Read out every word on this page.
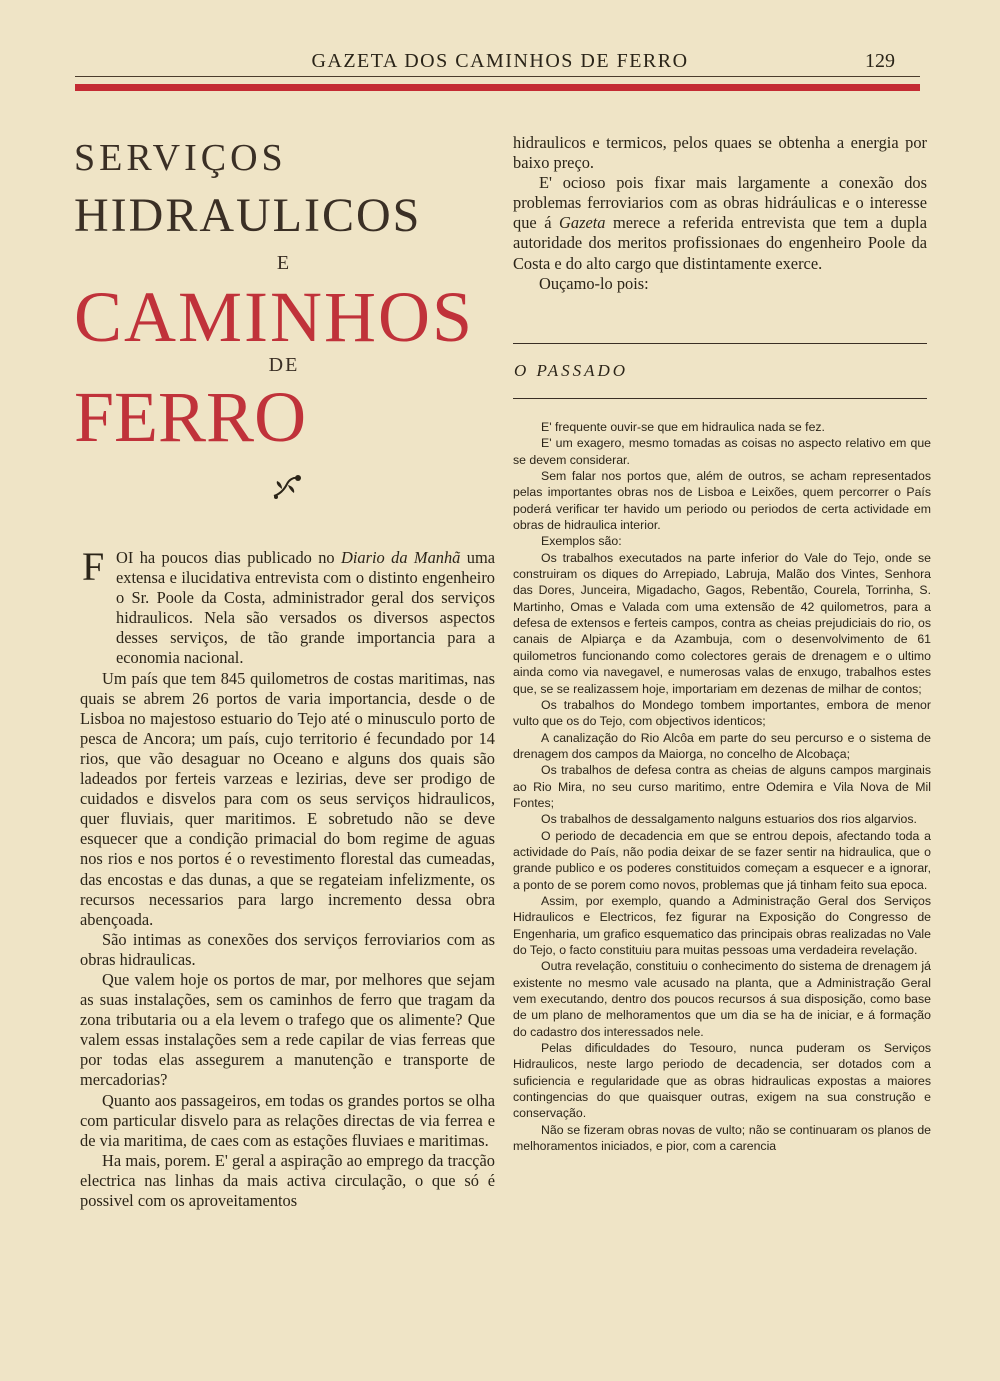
GAZETA DOS CAMINHOS DE FERRO	129
SERVIÇOS
HIDRAULICOS
E
CAMINHOS
DE
FERRO
F OI ha poucos dias publicado no Diario da Manhã uma extensa e ilucidativa entrevista com o distinto engenheiro o Sr. Poole da Costa, administrador geral dos serviços hidraulicos. Nela são versados os diversos aspectos desses serviços, de tão grande importancia para a economia nacional.

Um país que tem 845 quilometros de costas maritimas, nas quais se abrem 26 portos de varia importancia, desde o de Lisboa no majestoso estuario do Tejo até o minusculo porto de pesca de Ancora; um país, cujo territorio é fecundado por 14 rios, que vão desaguar no Oceano e alguns dos quais são ladeados por ferteis varzeas e lezirias, deve ser prodigo de cuidados e disvelos para com os seus serviços hidraulicos, quer fluviais, quer maritimos. E sobretudo não se deve esquecer que a condição primacial do bom regime de aguas nos rios e nos portos é o revestimento florestal das cumeadas, das encostas e das dunas, a que se regateiam infelizmente, os recursos necessarios para largo incremento dessa obra abençoada.

São intimas as conexões dos serviços ferroviarios com as obras hidraulicas.

Que valem hoje os portos de mar, por melhores que sejam as suas instalações, sem os caminhos de ferro que tragam da zona tributaria ou a ela levem o trafego que os alimente? Que valem essas instalações sem a rede capilar de vias ferreas que por todas elas assegurem a manutenção e transporte de mercadorias?

Quanto aos passageiros, em todas os grandes portos se olha com particular disvelo para as relações directas de via ferrea e de via maritima, de caes com as estações fluviaes e maritimas.

Ha mais, porem. E' geral a aspiração ao emprego da tracção electrica nas linhas da mais activa circulação, o que só é possivel com os aproveitamentos

hidraulicos e termicos, pelos quaes se obtenha a energia por baixo preço.

E' ocioso pois fixar mais largamente a conexão dos problemas ferroviarios com as obras hidráulicas e o interesse que á Gazeta merece a referida entrevista que tem a dupla autoridade dos meritos profissionaes do engenheiro Poole da Costa e do alto cargo que distintamente exerce.

Ouçamo-lo pois:

O PASSADO

E' frequente ouvir-se que em hidraulica nada se fez.

E' um exagero, mesmo tomadas as coisas no aspecto relativo em que se devem considerar.

Sem falar nos portos que, além de outros, se acham representados pelas importantes obras nos de Lisboa e Leixões, quem percorrer o País poderá verificar ter havido um periodo ou periodos de certa actividade em obras de hidraulica interior.

Exemplos são:

Os trabalhos executados na parte inferior do Vale do Tejo, onde se construiram os diques do Arrepiado, Labruja, Malão dos Vintes, Senhora das Dores, Junceira, Migadacho, Gagos, Rebentão, Courela, Torrinha, S. Martinho, Omas e Valada com uma extensão de 42 quilometros, para a defesa de extensos e ferteis campos, contra as cheias prejudiciais do rio, os canais de Alpiarça e da Azambuja, com o desenvolvimento de 61 quilometros funcionando como colectores gerais de drenagem e o ultimo ainda como via navegavel, e numerosas valas de enxugo, trabalhos estes que, se se realizassem hoje, importariam em dezenas de milhar de contos;

Os trabalhos do Mondego tombem importantes, embora de menor vulto que os do Tejo, com objectivos identicos;

A canalização do Rio Alcôa em parte do seu percurso e o sistema de drenagem dos campos da Maiorga, no concelho de Alcobaça;

Os trabalhos de defesa contra as cheias de alguns campos marginais ao Rio Mira, no seu curso maritimo, entre Odemira e Vila Nova de Mil Fontes;

Os trabalhos de dessalgamento nalguns estuarios dos rios algarvios.

O periodo de decadencia em que se entrou depois, afectando toda a actividade do País, não podia deixar de se fazer sentir na hidraulica, que o grande publico e os poderes constituidos começam a esquecer e a ignorar, a ponto de se porem como novos, problemas que já tinham feito sua epoca.

Assim, por exemplo, quando a Administração Geral dos Serviços Hidraulicos e Electricos, fez figurar na Exposição do Congresso de Engenharia, um grafico esquematico das principais obras realizadas no Vale do Tejo, o facto constituiu para muitas pessoas uma verdadeira revelação.

Outra revelação, constituiu o conhecimento do sistema de drenagem já existente no mesmo vale acusado na planta, que a Administração Geral vem executando, dentro dos poucos recursos á sua disposição, como base de um plano de melhoramentos que um dia se ha de iniciar, e á formação do cadastro dos interessados nele.

Pelas dificuldades do Tesouro, nunca puderam os Serviços Hidraulicos, neste largo periodo de decadencia, ser dotados com a suficiencia e regularidade que as obras hidraulicas expostas a maiores contingencias do que quaisquer outras, exigem na sua construção e conservação.

Não se fizeram obras novas de vulto; não se continuaram os planos de melhoramentos iniciados, e pior, com a carencia
